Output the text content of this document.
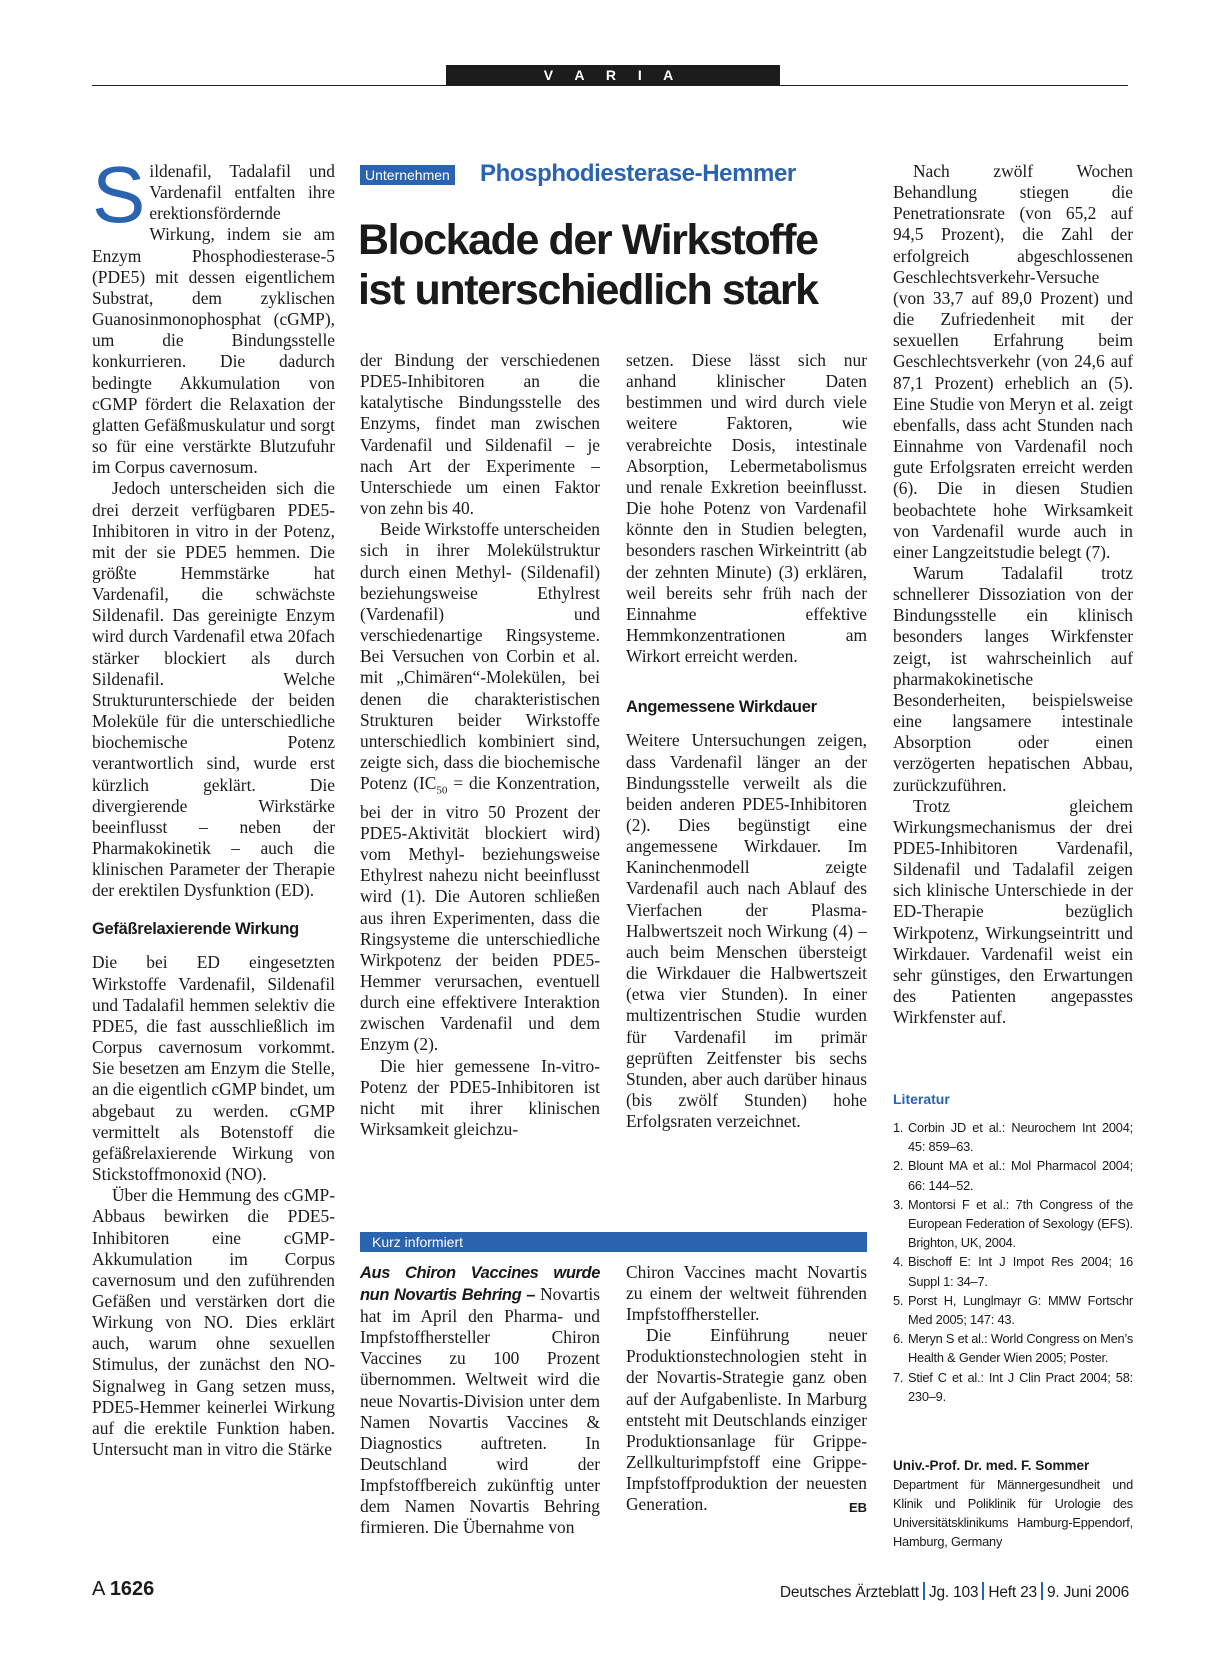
V A R I A

Sildenafil, Tadalafil und Vardenafil entfalten ihre erektionsfördernde Wirkung, indem sie am Enzym Phosphodiesterase-5 (PDE5) mit dessen eigentlichem Substrat, dem zyklischen Guanosinmonophosphat (cGMP), um die Bindungsstelle konkurrieren. Die dadurch bedingte Akkumulation von cGMP fördert die Relaxation der glatten Gefäßmuskulatur und sorgt so für eine verstärkte Blutzufuhr im Corpus cavernosum.

Jedoch unterscheiden sich die drei derzeit verfügbaren PDE5-Inhibitoren in vitro in der Potenz, mit der sie PDE5 hemmen. Die größte Hemmstärke hat Vardenafil, die schwächste Sildenafil. Das gereinigte Enzym wird durch Vardenafil etwa 20fach stärker blockiert als durch Sildenafil. Welche Strukturunterschiede der beiden Moleküle für die unterschiedliche biochemische Potenz verantwortlich sind, wurde erst kürzlich geklärt. Die divergierende Wirkstärke beeinflusst – neben der Pharmakokinetik – auch die klinischen Parameter der Therapie der erektilen Dysfunktion (ED).

Gefäßrelaxierende Wirkung

Die bei ED eingesetzten Wirkstoffe Vardenafil, Sildenafil und Tadalafil hemmen selektiv die PDE5, die fast ausschließlich im Corpus cavernosum vorkommt. Sie besetzen am Enzym die Stelle, an die eigentlich cGMP bindet, um abgebaut zu werden. cGMP vermittelt als Botenstoff die gefäßrelaxierende Wirkung von Stickstoffmonoxid (NO).

Über die Hemmung des cGMP-Abbaus bewirken die PDE5-Inhibitoren eine cGMP-Akkumulation im Corpus cavernosum und den zuführenden Gefäßen und verstärken dort die Wirkung von NO. Dies erklärt auch, warum ohne sexuellen Stimulus, der zunächst den NO-Signalweg in Gang setzen muss, PDE5-Hemmer keinerlei Wirkung auf die erektile Funktion haben. Untersucht man in vitro die Stärke

Unternehmen Phosphodiesterase-Hemmer
Blockade der Wirkstoffe ist unterschiedlich stark

der Bindung der verschiedenen PDE5-Inhibitoren an die katalytische Bindungsstelle des Enzyms, findet man zwischen Vardenafil und Sildenafil – je nach Art der Experimente – Unterschiede um einen Faktor von zehn bis 40.

Beide Wirkstoffe unterscheiden sich in ihrer Molekülstruktur durch einen Methyl- (Sildenafil) beziehungsweise Ethylrest (Vardenafil) und verschiedenartige Ringsysteme. Bei Versuchen von Corbin et al. mit „Chimären“-Molekülen, bei denen die charakteristischen Strukturen beider Wirkstoffe unterschiedlich kombiniert sind, zeigte sich, dass die biochemische Potenz ($IC_{50}$ = die Konzentration, bei der in vitro 50 Prozent der PDE5-Aktivität blockiert wird) vom Methyl- beziehungsweise Ethylrest nahezu nicht beeinflusst wird (1). Die Autoren schließen aus ihren Experimenten, dass die Ringsysteme die unterschiedliche Wirkpotenz der beiden PDE5-Hemmer verursachen, eventuell durch eine effektivere Interaktion zwischen Vardenafil und dem Enzym (2).

Die hier gemessene In-vitro-Potenz der PDE5-Inhibitoren ist nicht mit ihrer klinischen Wirksamkeit gleichzu-

setzen. Diese lässt sich nur anhand klinischer Daten bestimmen und wird durch viele weitere Faktoren, wie verabreichte Dosis, intestinale Absorption, Lebermetabolismus und renale Exkretion beeinflusst. Die hohe Potenz von Vardenafil könnte den in Studien belegten, besonders raschen Wirkeintritt (ab der zehnten Minute) (3) erklären, weil bereits sehr früh nach der Einnahme effektive Hemmkonzentrationen am Wirkort erreicht werden.

Angemessene Wirkdauer

Weitere Untersuchungen zeigen, dass Vardenafil länger an der Bindungsstelle verweilt als die beiden anderen PDE5-Inhibitoren (2). Dies begünstigt eine angemessene Wirkdauer. Im Kaninchenmodell zeigte Vardenafil auch nach Ablauf des Vierfachen der Plasma-Halbwertszeit noch Wirkung (4) – auch beim Menschen übersteigt die Wirkdauer die Halbwertszeit (etwa vier Stunden). In einer multizentrischen Studie wurden für Vardenafil im primär geprüften Zeitfenster bis sechs Stunden, aber auch darüber hinaus (bis zwölf Stunden) hohe Erfolgsraten verzeichnet.

Nach zwölf Wochen Behandlung stiegen die Penetrationsrate (von 65,2 auf 94,5 Prozent), die Zahl der erfolgreich abgeschlossenen Geschlechtsverkehr-Versuche (von 33,7 auf 89,0 Prozent) und die Zufriedenheit mit der sexuellen Erfahrung beim Geschlechtsverkehr (von 24,6 auf 87,1 Prozent) erheblich an (5). Eine Studie von Meryn et al. zeigt ebenfalls, dass acht Stunden nach Einnahme von Vardenafil noch gute Erfolgsraten erreicht werden (6). Die in diesen Studien beobachtete hohe Wirksamkeit von Vardenafil wurde auch in einer Langzeitstudie belegt (7).

Warum Tadalafil trotz schnellerer Dissoziation von der Bindungsstelle ein klinisch besonders langes Wirkfenster zeigt, ist wahrscheinlich auf pharmakokinetische Besonderheiten, beispielsweise eine langsamere intestinale Absorption oder einen verzögerten hepatischen Abbau, zurückzuführen.

Trotz gleichem Wirkungsmechanismus der drei PDE5-Inhibitoren Vardenafil, Sildenafil und Tadalafil zeigen sich klinische Unterschiede in der ED-Therapie bezüglich Wirkpotenz, Wirkungseintritt und Wirkdauer. Vardenafil weist ein sehr günstiges, den Erwartungen des Patienten angepasstes Wirkfenster auf.

Kurz informiert

Aus Chiron Vaccines wurde nun Novartis Behring – Novartis hat im April den Pharma- und Impfstoffhersteller Chiron Vaccines zu 100 Prozent übernommen. Weltweit wird die neue Novartis-Division unter dem Namen Novartis Vaccines & Diagnostics auftreten. In Deutschland wird der Impfstoffbereich zukünftig unter dem Namen Novartis Behring firmieren. Die Übernahme von

Chiron Vaccines macht Novartis zu einem der weltweit führenden Impfstoffhersteller.

Die Einführung neuer Produktionstechnologien steht in der Novartis-Strategie ganz oben auf der Aufgabenliste. In Marburg entsteht mit Deutschlands einziger Produktionsanlage für Grippe-Zellkulturimpfstoff eine Grippe-Impfstoffproduktion der neuesten Generation.	EB

Literatur
1. Corbin JD et al.: Neurochem Int 2004; 45: 859–63.
2. Blount MA et al.: Mol Pharmacol 2004; 66: 144–52.
3. Montorsi F et al.: 7th Congress of the European Federation of Sexology (EFS). Brighton, UK, 2004.
4. Bischoff E: Int J Impot Res 2004; 16 Suppl 1: 34–7.
5. Porst H, Lunglmayr G: MMW Fortschr Med 2005; 147: 43.
6. Meryn S et al.: World Congress on Men’s Health & Gender Wien 2005; Poster.
7. Stief C et al.: Int J Clin Pract 2004; 58: 230–9.
Univ.-Prof. Dr. med. F. Sommer
Department für Männergesundheit und Klinik und Poliklinik für Urologie des Universitätsklinikums Hamburg-Eppendorf, Hamburg, Germany
A 1626	Deutsches Ärzteblatt Jg. 103 Heft 23 9. Juni 2006
